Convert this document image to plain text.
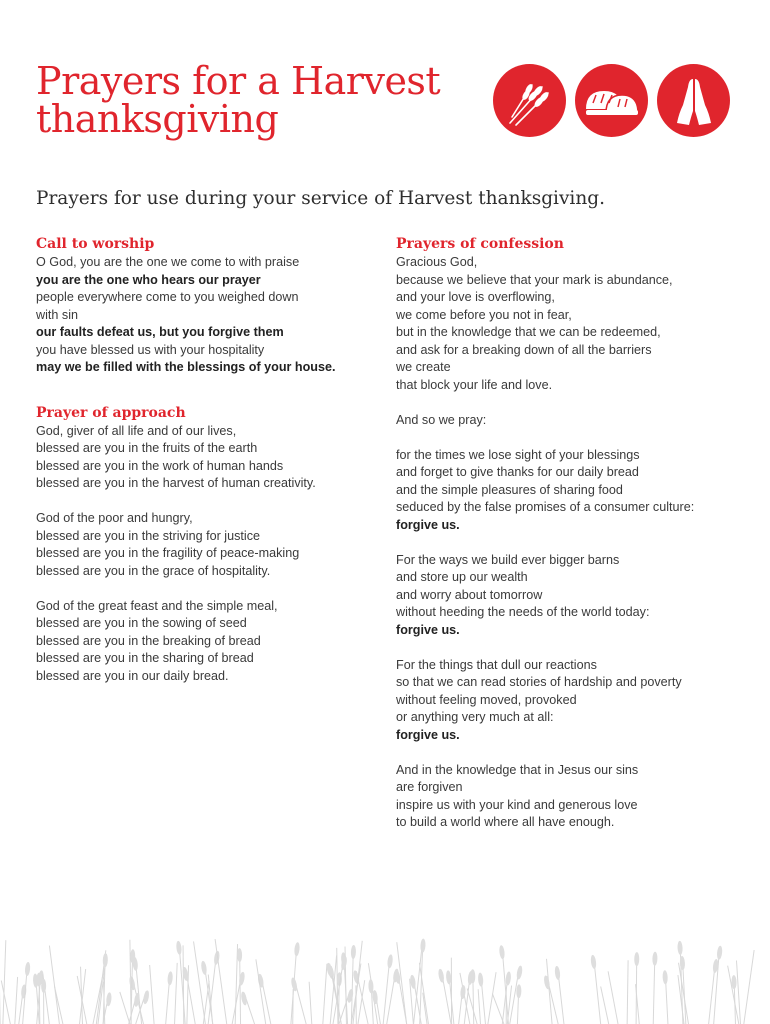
Prayers for a Harvest
thanksgiving
Prayers for use during your service of Harvest thanksgiving.
Call to worship
O God, you are the one we come to with praise
you are the one who hears our prayer
people everywhere come to you weighed down
with sin
our faults defeat us, but you forgive them
you have blessed us with your hospitality
may we be filled with the blessings of your house.
Prayer of approach
God, giver of all life and of our lives,
blessed are you in the fruits of the earth
blessed are you in the work of human hands
blessed are you in the harvest of human creativity.
God of the poor and hungry,
blessed are you in the striving for justice
blessed are you in the fragility of peace-making
blessed are you in the grace of hospitality.
God of the great feast and the simple meal,
blessed are you in the sowing of seed
blessed are you in the breaking of bread
blessed are you in the sharing of bread
blessed are you in our daily bread.
Prayers of confession
Gracious God,
because we believe that your mark is abundance,
and your love is overflowing,
we come before you not in fear,
but in the knowledge that we can be redeemed,
and ask for a breaking down of all the barriers
we create
that block your life and love.
And so we pray:
for the times we lose sight of your blessings
and forget to give thanks for our daily bread
and the simple pleasures of sharing food
seduced by the false promises of a consumer culture:
forgive us.
For the ways we build ever bigger barns
and store up our wealth
and worry about tomorrow
without heeding the needs of the world today:
forgive us.
For the things that dull our reactions
so that we can read stories of hardship and poverty
without feeling moved, provoked
or anything very much at all:
forgive us.
And in the knowledge that in Jesus our sins
are forgiven
inspire us with your kind and generous love
to build a world where all have enough.
